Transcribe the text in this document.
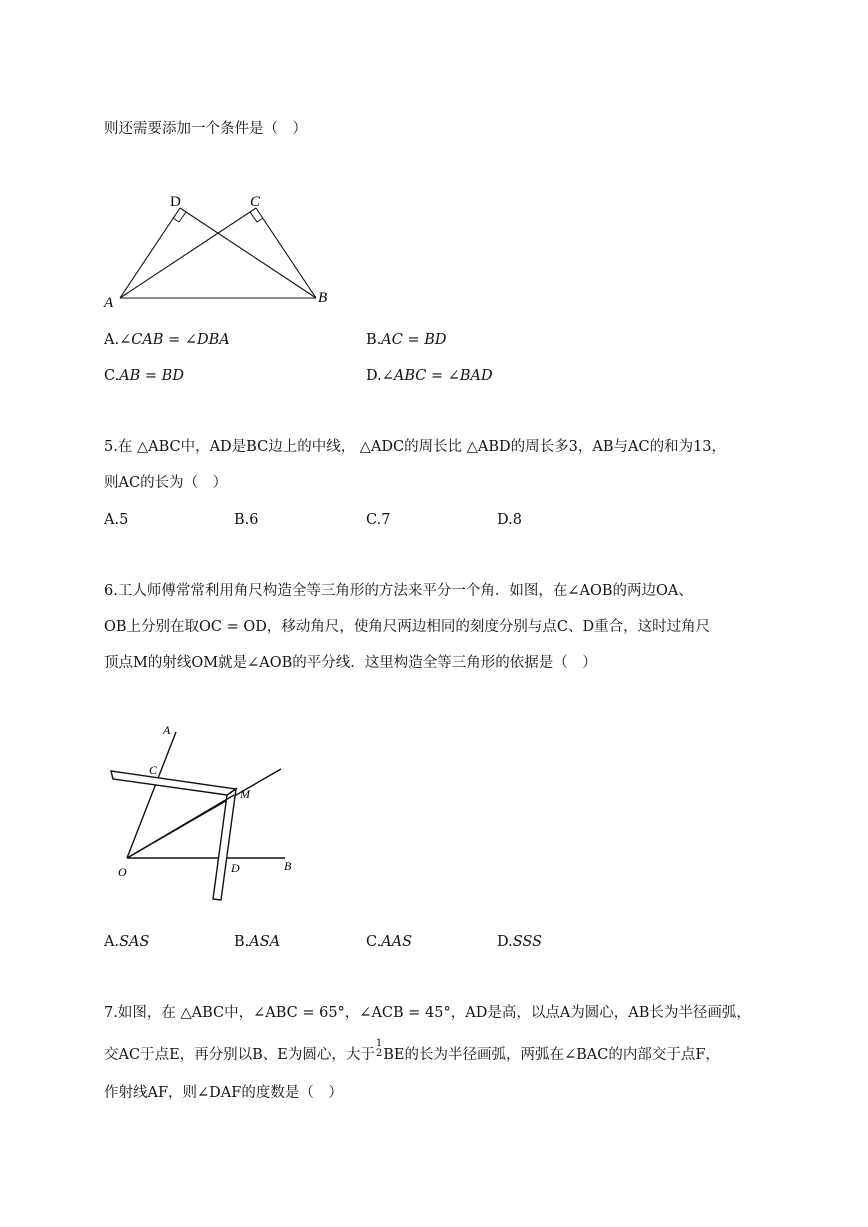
则还需要添加一个条件是（　）
D	C
A	B
A.∠CAB = ∠DBA	B.AC = BD
C.AB = BD	D.∠ABC = ∠BAD
5.在 △ABC中，AD是BC边上的中线， △ADC的周长比 △ABD的周长多3，AB与AC的和为13，
则AC的长为（　）
A.5	B.6	C.7	D.8
6.工人师傅常常利用角尺构造全等三角形的方法来平分一个角．如图，在∠AOB的两边OA、
OB上分别在取OC = OD，移动角尺，使角尺两边相同的刻度分别与点C、D重合，这时过角尺
顶点M的射线OM就是∠AOB的平分线．这里构造全等三角形的依据是（　）
A
C
M
O	D	B
A.SAS	B.ASA	C.AAS	D.SSS
7.如图，在 △ABC中，∠ABC = 65°，∠ACB = 45°，AD是高，以点A为圆心，AB长为半径画弧，
交AC于点E，再分别以B、E为圆心，大于
1
2 BE的长为半径画弧，两弧在∠BAC的内部交于点F，
作射线AF，则∠DAF的度数是（　）
